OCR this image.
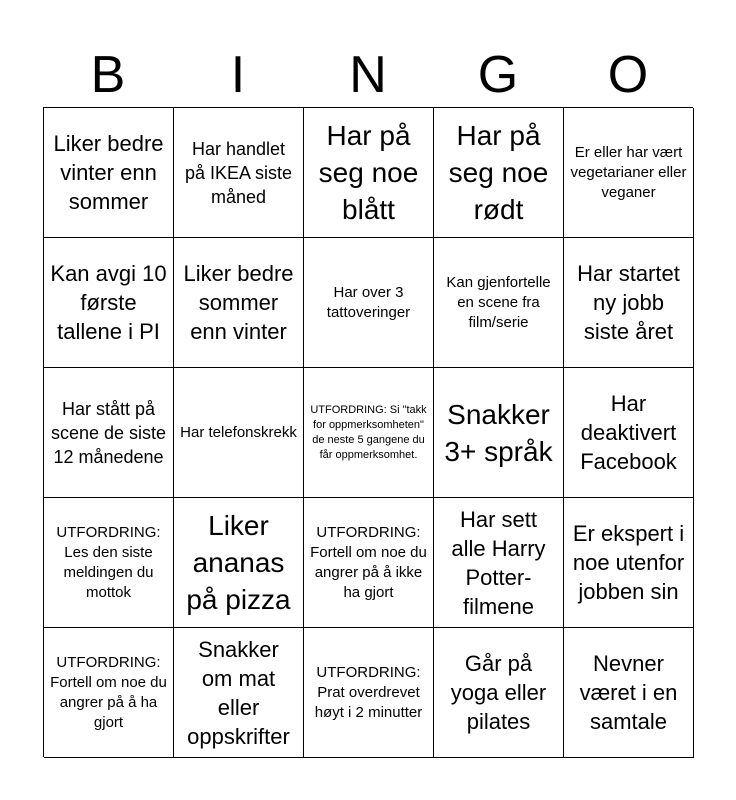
B	I	N	G	O
Liker bedre vinter enn sommer
Har handlet på IKEA siste måned
Har på seg noe blått
Har på seg noe rødt
Er eller har vært vegetarianer eller veganer
Kan avgi 10 første tallene i PI
Liker bedre sommer enn vinter
Har over 3 tattoveringer
Kan gjenfortelle en scene fra film/serie
Har startet ny jobb siste året
Har stått på scene de siste 12 månedene
Har telefonskrekk
UTFORDRING: Si "takk for oppmerksomheten" de neste 5 gangene du får oppmerksomhet.
Snakker 3+ språk
Har deaktivert Facebook
UTFORDRING: Les den siste meldingen du mottok
Liker ananas på pizza
UTFORDRING: Fortell om noe du angrer på å ikke ha gjort
Har sett alle Harry Potter-filmene
Er ekspert i noe utenfor jobben sin
UTFORDRING: Fortell om noe du angrer på å ha gjort
Snakker om mat eller oppskrifter
UTFORDRING: Prat overdrevet høyt i 2 minutter
Går på yoga eller pilates
Nevner været i en samtale
